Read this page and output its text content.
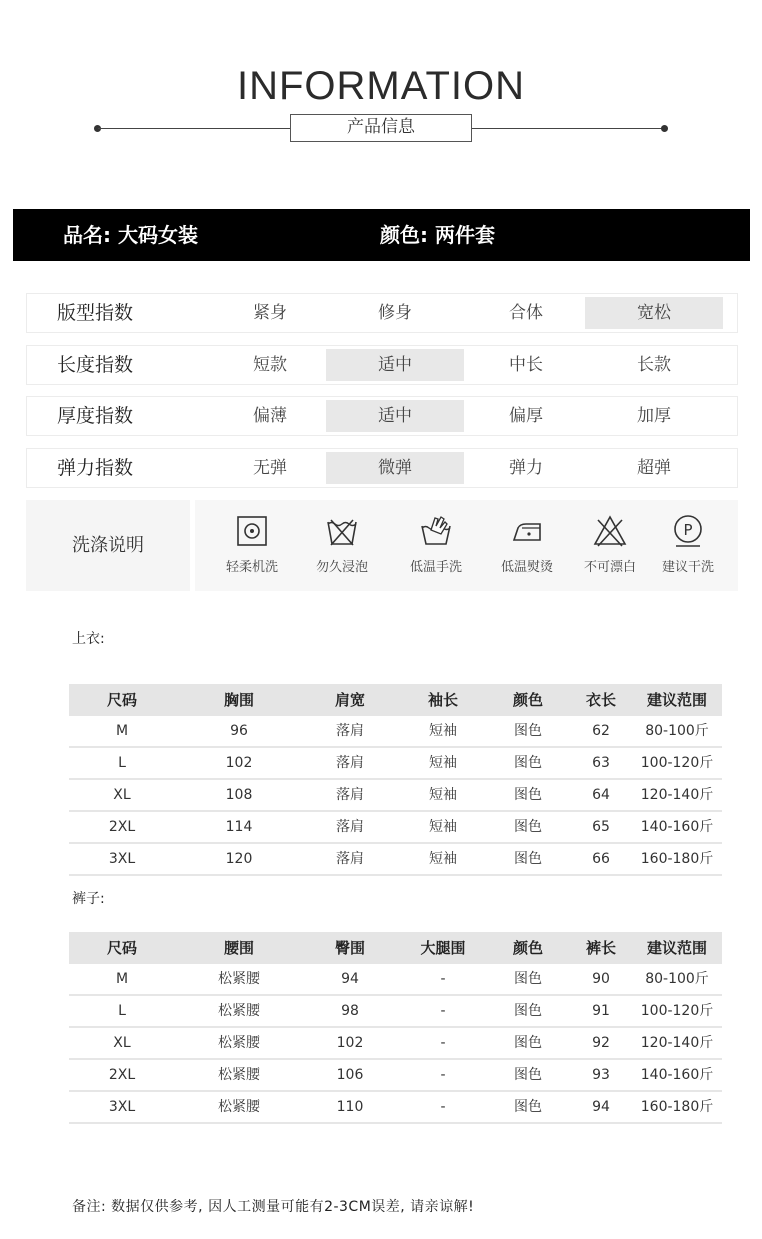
INFORMATION
产品信息
品名: 大码女装	颜色: 两件套
版型指数	紧身	修身	合体	宽松
长度指数	短款	适中	中长	长款
厚度指数	偏薄	适中	偏厚	加厚
弹力指数	无弹	微弹	弹力	超弹
洗涤说明
轻柔机洗	勿久浸泡	低温手洗	低温熨烫	不可漂白
P
建议干洗
上衣:
尺码	胸围	肩宽	袖长	颜色	衣长	建议范围
M	96	落肩	短袖	图色	62	80-100斤
L	102	落肩	短袖	图色	63	100-120斤
XL	108	落肩	短袖	图色	64	120-140斤
2XL	114	落肩	短袖	图色	65	140-160斤
3XL	120	落肩	短袖	图色	66	160-180斤
裤子:
尺码	腰围	臀围	大腿围	颜色	裤长	建议范围
M	松紧腰	94	-	图色	90	80-100斤
L	松紧腰	98	-	图色	91	100-120斤
XL	松紧腰	102	-	图色	92	120-140斤
2XL	松紧腰	106	-	图色	93	140-160斤
3XL	松紧腰	110	-	图色	94	160-180斤
备注: 数据仅供参考, 因人工测量可能有2-3CM误差, 请亲谅解!
